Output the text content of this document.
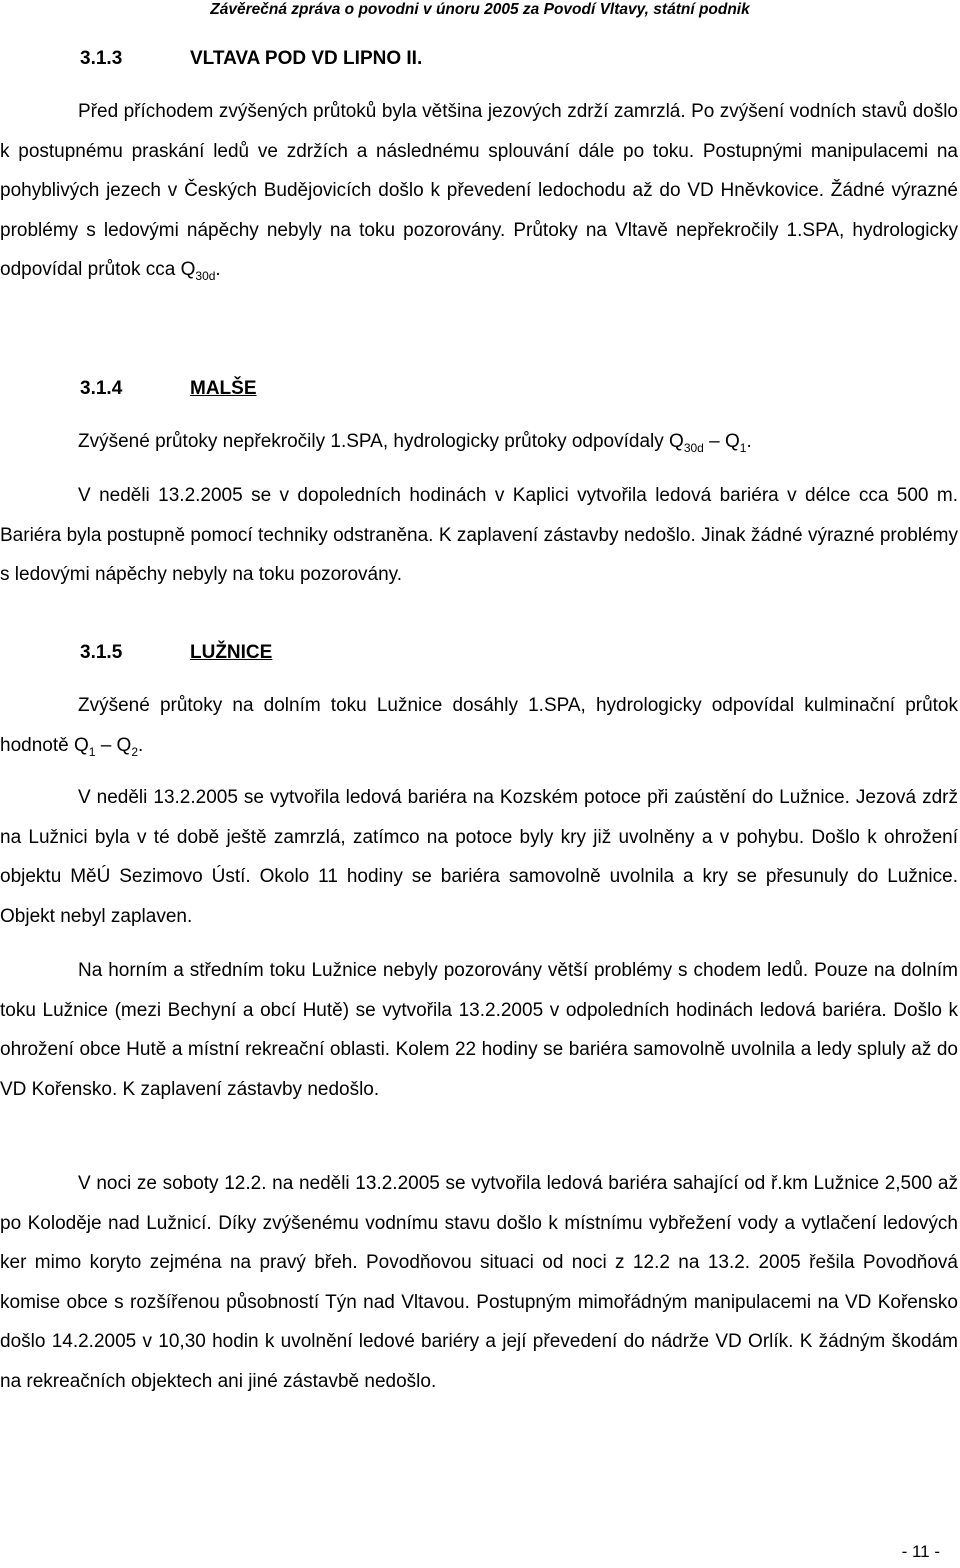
Závěrečná zpráva o povodni v únoru 2005 za Povodí Vltavy, státní podnik
3.1.3	VLTAVA POD VD LIPNO II.

Před příchodem zvýšených průtoků byla většina jezových zdrží zamrzlá. Po zvýšení vodních stavů došlo k postupnému praskání ledů ve zdržích a následnému splouvání dále po toku. Postupnými manipulacemi na pohyblivých jezech v Českých Budějovicích došlo k převedení ledochodu až do VD Hněvkovice. Žádné výrazné problémy s ledovými nápěchy nebyly na toku pozorovány. Průtoky na Vltavě nepřekročily 1.SPA, hydrologicky odpovídal průtok cca $Q_{30d}$.

3.1.4	MALŠE

Zvýšené průtoky nepřekročily 1.SPA, hydrologicky průtoky odpovídaly $Q_{30d} - Q_1$.

V neděli 13.2.2005 se v dopoledních hodinách v Kaplici vytvořila ledová bariéra v délce cca 500 m. Bariéra byla postupně pomocí techniky odstraněna. K zaplavení zástavby nedošlo. Jinak žádné výrazné problémy s ledovými nápěchy nebyly na toku pozorovány.

3.1.5	LUŽNICE

Zvýšené průtoky na dolním toku Lužnice dosáhly 1.SPA, hydrologicky odpovídal kulminační průtok hodnotě $Q_1 - Q_2$.

V neděli 13.2.2005 se vytvořila ledová bariéra na Kozském potoce při zaústění do Lužnice. Jezová zdrž na Lužnici byla v té době ještě zamrzlá, zatímco na potoce byly kry již uvolněny a v pohybu. Došlo k ohrožení objektu MěÚ Sezimovo Ústí. Okolo 11 hodiny se bariéra samovolně uvolnila a kry se přesunuly do Lužnice. Objekt nebyl zaplaven.

Na horním a středním toku Lužnice nebyly pozorovány větší problémy s chodem ledů. Pouze na dolním toku Lužnice (mezi Bechyní a obcí Hutě) se vytvořila 13.2.2005 v odpoledních hodinách ledová bariéra. Došlo k ohrožení obce Hutě a místní rekreační oblasti. Kolem 22 hodiny se bariéra samovolně uvolnila a ledy spluly až do VD Kořensko. K zaplavení zástavby nedošlo.

V noci ze soboty 12.2. na neděli 13.2.2005 se vytvořila ledová bariéra sahající od ř.km Lužnice 2,500 až po Koloděje nad Lužnicí. Díky zvýšenému vodnímu stavu došlo k místnímu vybřežení vody a vytlačení ledových ker mimo koryto zejména na pravý břeh. Povodňovou situaci od noci z 12.2 na 13.2. 2005 řešila Povodňová komise obce s rozšířenou působností Týn nad Vltavou. Postupným mimořádným manipulacemi na VD Kořensko došlo 14.2.2005 v 10,30 hodin k uvolnění ledové bariéry a její převedení do nádrže VD Orlík. K žádným škodám na rekreačních objektech ani jiné zástavbě nedošlo.

- 11 -
